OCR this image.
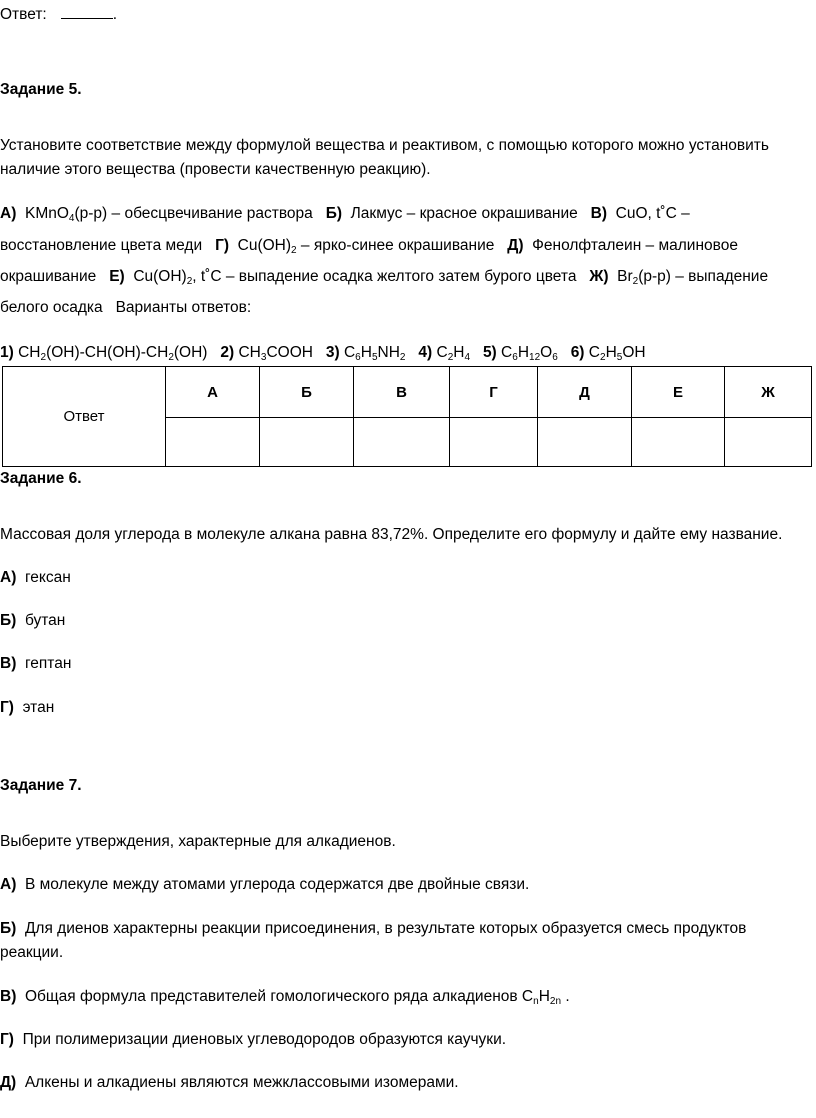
Ответ:	.
Задание 5.
Установите соответствие между формулой вещества и реактивом, с помощью которого можно установить
наличие этого вещества (провести качественную реакцию).
А) KMnO$_4$(р-р) – обесцвечивание раствора Б) Лакмус – красное окрашивание В) CuO, t˚C –
восстановление цвета меди Г) $Cu(OH)_2$ – ярко-синее окрашивание Д) Фенолфталеин – малиновое
окрашивание Е) $Cu(OH)_2$, t˚C – выпадение осадка желтого затем бурого цвета Ж) $Br_2(р-р)$ – выпадение
белого осадка Варианты ответов:
1) $CH_2(OH)-CH(OH)-CH_2(OH)$ 2) $CH_3COOH$ 3) $C_6H_5NH_2$ 4) $C_2H_4$ 5) $C_6H_{12}O_6$ 6) $C_2H_5OH$
Ответ	А	Б	В	Г	Д	Е	Ж

Задание 6.
Массовая доля углерода в молекуле алкана равна 83,72%. Определите его формулу и дайте ему название.
А) гексан
Б) бутан
В) гептан
Г) этан
Задание 7.
Выберите утверждения, характерные для алкадиенов.
А) В молекуле между атомами углерода содержатся две двойные связи.
Б) Для диенов характерны реакции присоединения, в результате которых образуется смесь продуктов
реакции.
В) Общая формула представителей гомологического ряда алкадиенов $C_nH_{2n}$ .
Г) При полимеризации диеновых углеводородов образуются каучуки.
Д) Алкены и алкадиены являются межклассовыми изомерами.
